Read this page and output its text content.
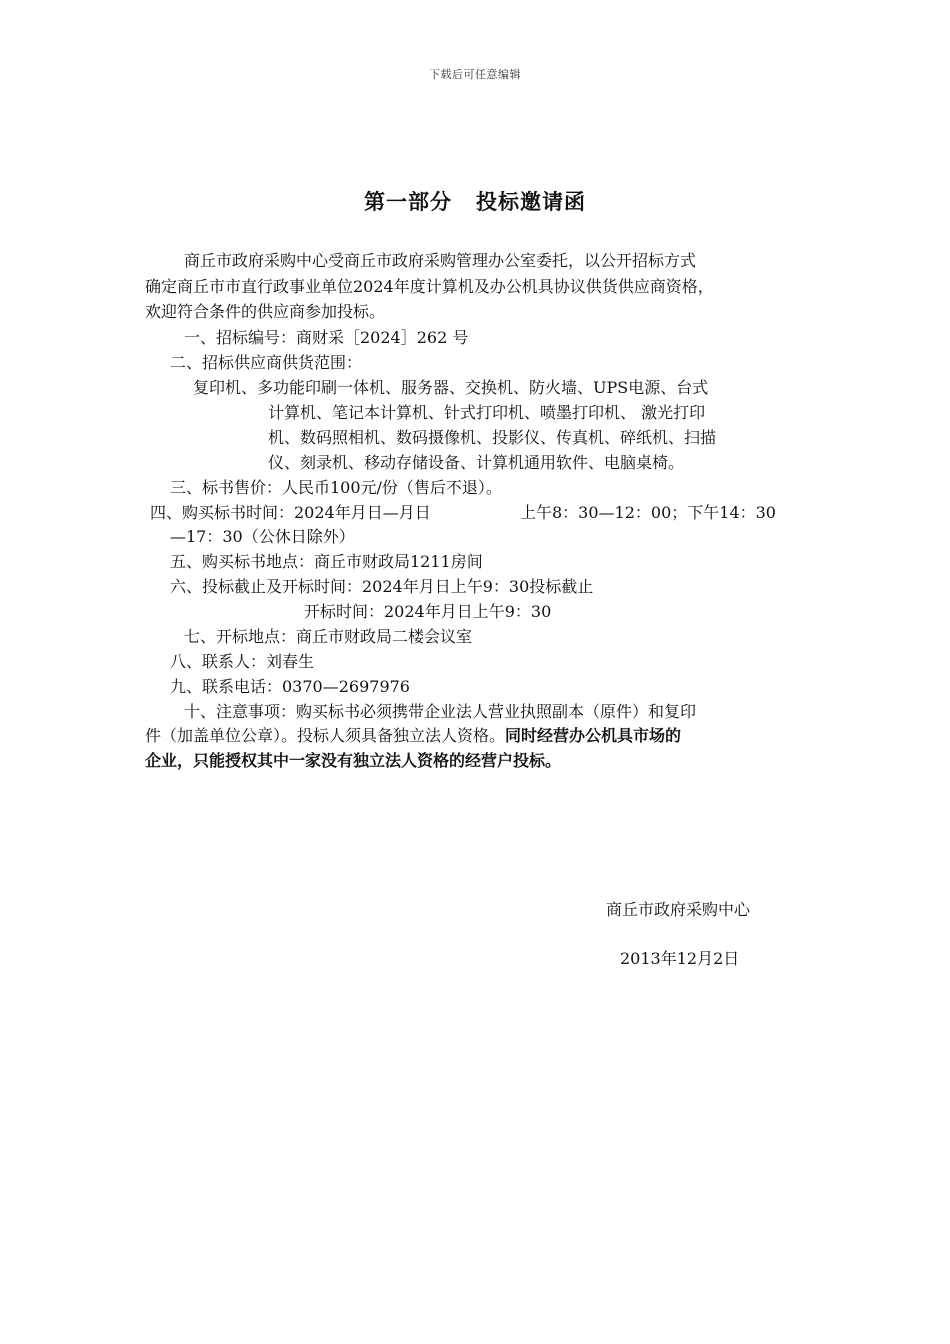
下载后可任意编辑
第一部分 投标邀请函
商丘市政府采购中心受商丘市政府采购管理办公室委托，以公开招标方式
确定商丘市市直行政事业单位2024年度计算机及办公机具协议供货供应商资格，
欢迎符合条件的供应商参加投标。
一、招标编号：商财采［2024］262 号
二、招标供应商供货范围：
复印机、多功能印刷一体机、服务器、交换机、防火墙、UPS电源、台式
计算机、笔记本计算机、针式打印机、喷墨打印机、 激光打印
机、数码照相机、数码摄像机、投影仪、传真机、碎纸机、扫描
仪、刻录机、移动存储设备、计算机通用软件、电脑桌椅。
三、标书售价：人民币100元/份（售后不退）。
四、购买标书时间：2024年月日—月日	上午8：30—12：00；下午14：30
—17：30（公休日除外）
五、购买标书地点：商丘市财政局1211房间
六、投标截止及开标时间：2024年月日上午9：30投标截止
开标时间：2024年月日上午9：30
七、开标地点：商丘市财政局二楼会议室
八、联系人：刘春生
九、联系电话：0370—2697976
十、注意事项：购买标书必须携带企业法人营业执照副本（原件）和复印
件（加盖单位公章）。投标人须具备独立法人资格。同时经营办公机具市场的
企业，只能授权其中一家没有独立法人资格的经营户投标。
商丘市政府采购中心
2013年12月2日
